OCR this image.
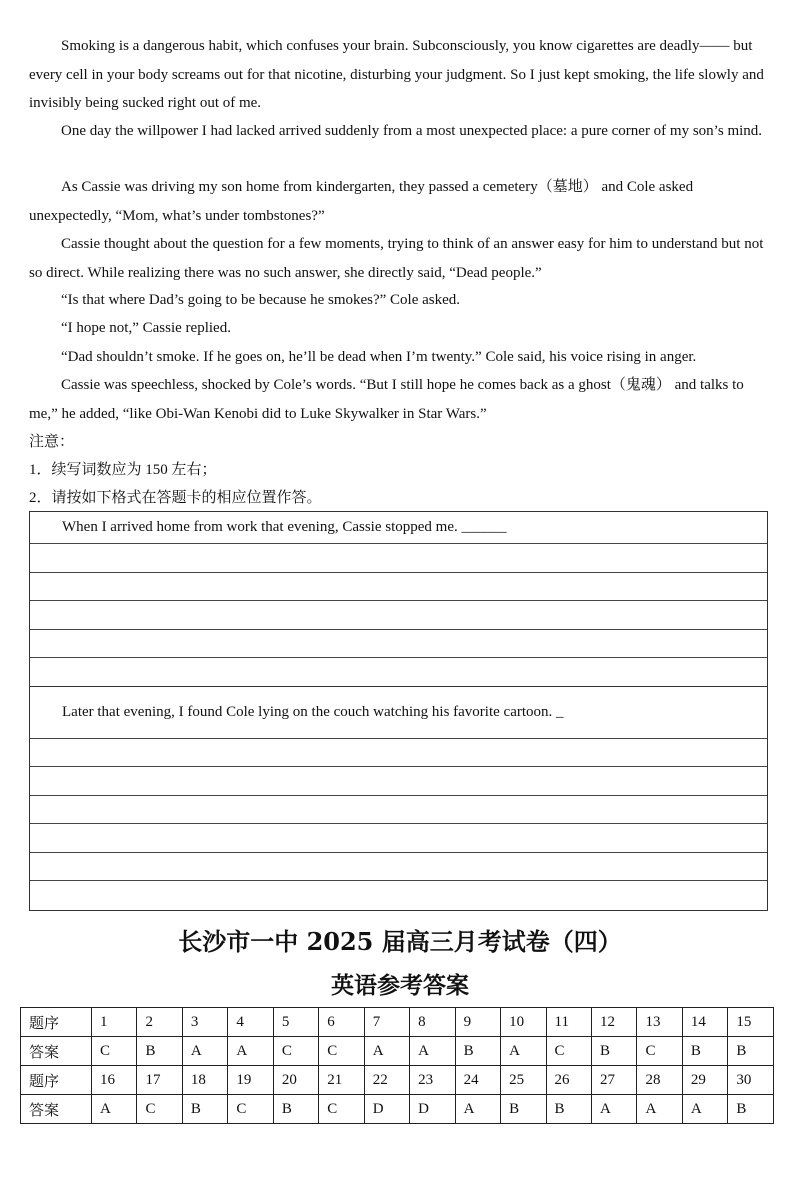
Smoking is a dangerous habit, which confuses your brain. Subconsciously, you know cigarettes are deadly—— but every cell in your body screams out for that nicotine, disturbing your judgment. So I just kept smoking, the life slowly and invisibly being sucked right out of me.
One day the willpower I had lacked arrived suddenly from a most unexpected place: a pure corner of my son’s mind.
As Cassie was driving my son home from kindergarten, they passed a cemetery（墓地） and Cole asked unexpectedly, “Mom, what’s under tombstones?”
Cassie thought about the question for a few moments, trying to think of an answer easy for him to understand but not so direct. While realizing there was no such answer, she directly said, “Dead people.”
“Is that where Dad’s going to be because he smokes?” Cole asked.
“I hope not,” Cassie replied.
“Dad shouldn’t smoke. If he goes on, he’ll be dead when I’m twenty.” Cole said, his voice rising in anger.
Cassie was speechless, shocked by Cole’s words. “But I still hope he comes back as a ghost（鬼魂） and talks to me,” he added, “like Obi-Wan Kenobi did to Luke Skywalker in Star Wars.”
注意：
1．续写词数应为 150 左右；
2．请按如下格式在答题卡的相应位置作答。
When I arrived home from work that evening, Cassie stopped me. ______
Later that evening, I found Cole lying on the couch watching his favorite cartoon. _
长沙市一中 2025 届高三月考试卷（四）
英语参考答案
题序	1	2	3	4	5	6	7	8	9	10	11	12	13	14	15
答案	C	B	A	A	C	C	A	A	B	A	C	B	C	B	B
题序	16	17	18	19	20	21	22	23	24	25	26	27	28	29	30
答案	A	C	B	C	B	C	D	D	A	B	B	A	A	A	B
